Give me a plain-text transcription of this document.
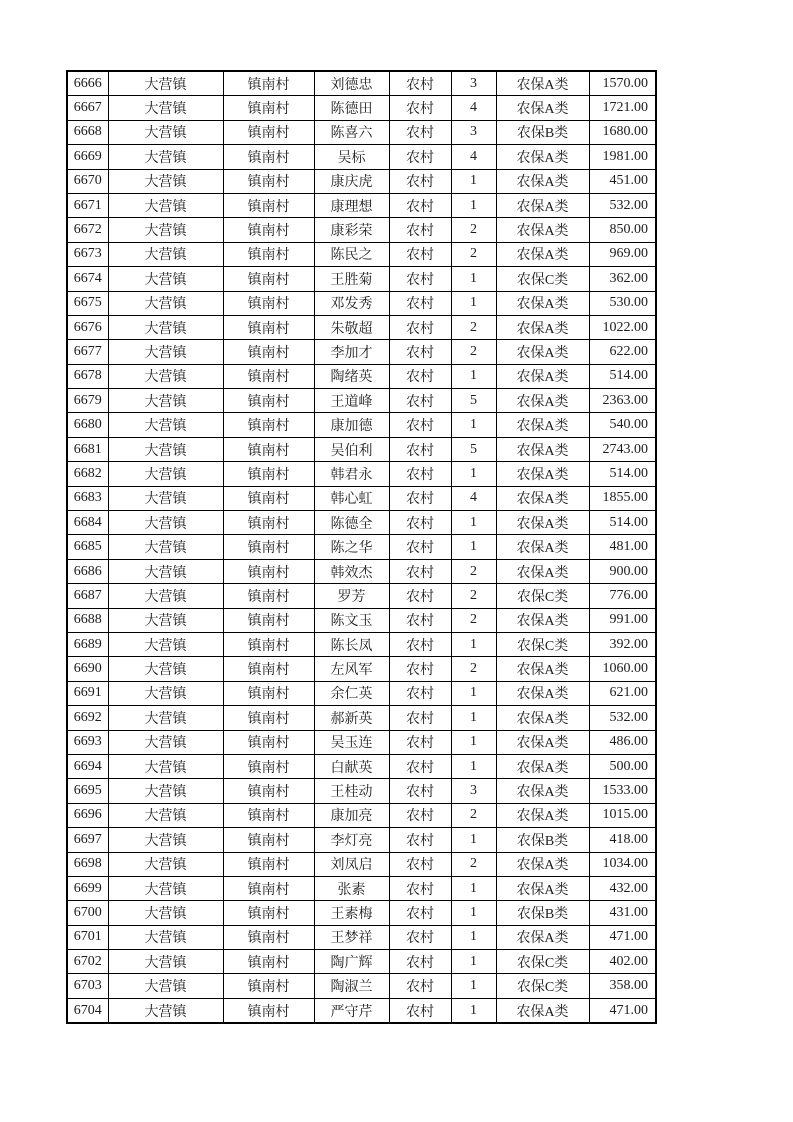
6666	大营镇	镇南村	刘德忠	农村	3	农保A类	1570.00
6667	大营镇	镇南村	陈德田	农村	4	农保A类	1721.00
6668	大营镇	镇南村	陈喜六	农村	3	农保B类	1680.00
6669	大营镇	镇南村	吴标	农村	4	农保A类	1981.00
6670	大营镇	镇南村	康庆虎	农村	1	农保A类	451.00
6671	大营镇	镇南村	康理想	农村	1	农保A类	532.00
6672	大营镇	镇南村	康彩荣	农村	2	农保A类	850.00
6673	大营镇	镇南村	陈民之	农村	2	农保A类	969.00
6674	大营镇	镇南村	王胜菊	农村	1	农保C类	362.00
6675	大营镇	镇南村	邓发秀	农村	1	农保A类	530.00
6676	大营镇	镇南村	朱敬超	农村	2	农保A类	1022.00
6677	大营镇	镇南村	李加才	农村	2	农保A类	622.00
6678	大营镇	镇南村	陶绪英	农村	1	农保A类	514.00
6679	大营镇	镇南村	王道峰	农村	5	农保A类	2363.00
6680	大营镇	镇南村	康加德	农村	1	农保A类	540.00
6681	大营镇	镇南村	吴伯利	农村	5	农保A类	2743.00
6682	大营镇	镇南村	韩君永	农村	1	农保A类	514.00
6683	大营镇	镇南村	韩心虹	农村	4	农保A类	1855.00
6684	大营镇	镇南村	陈德全	农村	1	农保A类	514.00
6685	大营镇	镇南村	陈之华	农村	1	农保A类	481.00
6686	大营镇	镇南村	韩效杰	农村	2	农保A类	900.00
6687	大营镇	镇南村	罗芳	农村	2	农保C类	776.00
6688	大营镇	镇南村	陈文玉	农村	2	农保A类	991.00
6689	大营镇	镇南村	陈长凤	农村	1	农保C类	392.00
6690	大营镇	镇南村	左风军	农村	2	农保A类	1060.00
6691	大营镇	镇南村	余仁英	农村	1	农保A类	621.00
6692	大营镇	镇南村	郝新英	农村	1	农保A类	532.00
6693	大营镇	镇南村	吴玉连	农村	1	农保A类	486.00
6694	大营镇	镇南村	白献英	农村	1	农保A类	500.00
6695	大营镇	镇南村	王桂动	农村	3	农保A类	1533.00
6696	大营镇	镇南村	康加亮	农村	2	农保A类	1015.00
6697	大营镇	镇南村	李灯亮	农村	1	农保B类	418.00
6698	大营镇	镇南村	刘凤启	农村	2	农保A类	1034.00
6699	大营镇	镇南村	张素	农村	1	农保A类	432.00
6700	大营镇	镇南村	王素梅	农村	1	农保B类	431.00
6701	大营镇	镇南村	王梦祥	农村	1	农保A类	471.00
6702	大营镇	镇南村	陶广辉	农村	1	农保C类	402.00
6703	大营镇	镇南村	陶淑兰	农村	1	农保C类	358.00
6704	大营镇	镇南村	严守芹	农村	1	农保A类	471.00
